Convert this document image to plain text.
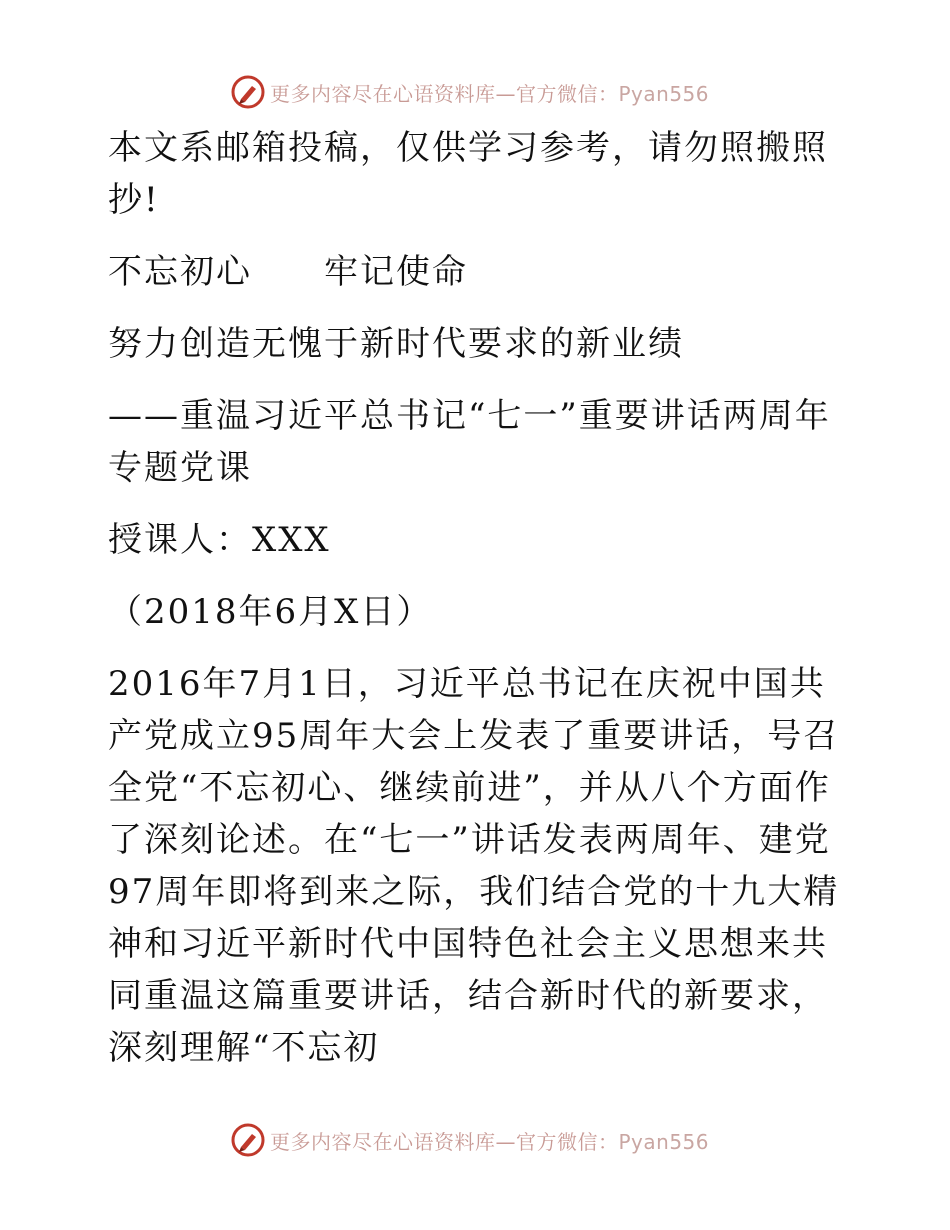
更多内容尽在心语资料库—官方微信：Pyan556

本文系邮箱投稿，仅供学习参考，请勿照搬照抄!

不忘初心　　牢记使命

努力创造无愧于新时代要求的新业绩

——重温习近平总书记“七一”重要讲话两周年专题党课

授课人：XXX

（2018年6月X日）

2016年7月1日，习近平总书记在庆祝中国共产党成立95周年大会上发表了重要讲话，号召全党“不忘初心、继续前进”，并从八个方面作了深刻论述。在“七一”讲话发表两周年、建党97周年即将到来之际，我们结合党的十九大精神和习近平新时代中国特色社会主义思想来共同重温这篇重要讲话，结合新时代的新要求，深刻理解“不忘初

更多内容尽在心语资料库—官方微信：Pyan556
